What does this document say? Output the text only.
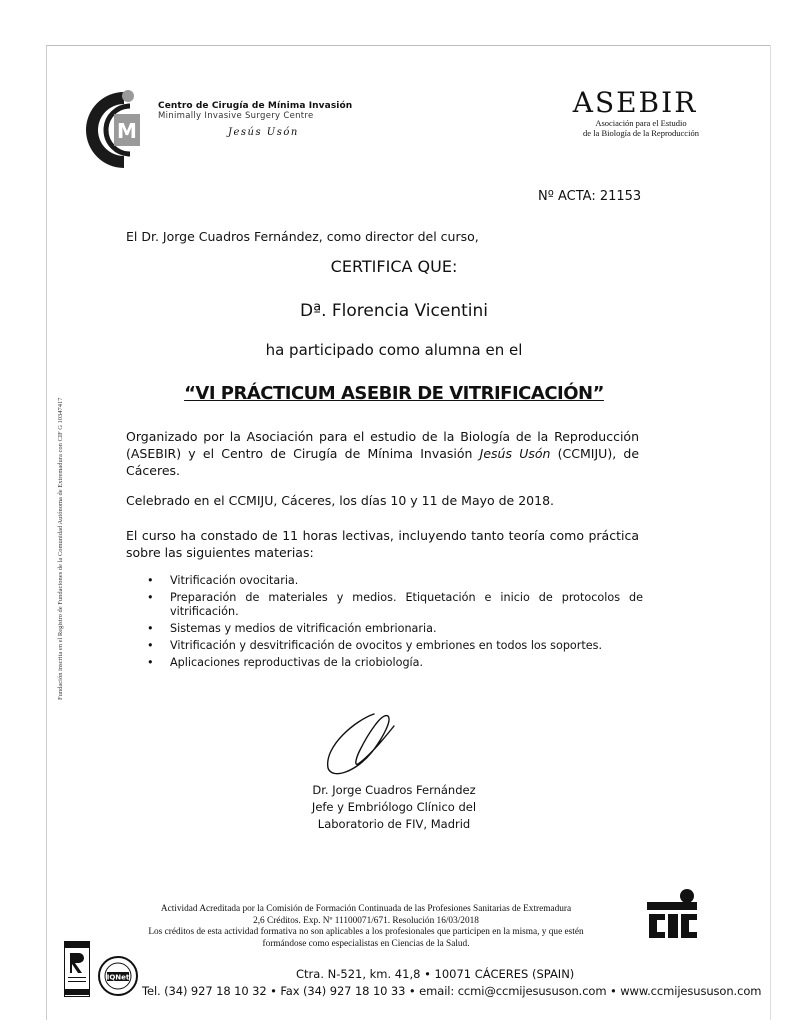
M
Centro de Cirugía de Mínima Invasión
Minimally Invasive Surgery Centre
Jesús Usón
ASEBIR
Asociación para el Estudio
de la Biología de la Reproducción
Nº ACTA: 21153
El Dr. Jorge Cuadros Fernández, como director del curso,
CERTIFICA QUE:
Dª. Florencia Vicentini
ha participado como alumna en el
“VI PRÁCTICUM ASEBIR DE VITRIFICACIÓN”
Organizado por la Asociación para el estudio de la Biología de la Reproducción (ASEBIR) y el Centro de Cirugía de Mínima Invasión Jesús Usón (CCMIJU), de Cáceres.
Celebrado en el CCMIJU, Cáceres, los días 10 y 11 de Mayo de 2018.
El curso ha constado de 11 horas lectivas, incluyendo tanto teoría como práctica sobre las siguientes materias:
• Vitrificación ovocitaria.
• Preparación de materiales y medios. Etiquetación e inicio de protocolos de vitrificación.
• Sistemas y medios de vitrificación embrionaria.
• Vitrificación y desvitrificación de ovocitos y embriones en todos los soportes.
• Aplicaciones reproductivas de la criobiología.
Dr. Jorge Cuadros Fernández
Jefe y Embriólogo Clínico del
Laboratorio de FIV, Madrid
Actividad Acreditada por la Comisión de Formación Continuada de las Profesiones Sanitarias de Extremadura
2,6 Créditos. Exp. Nº 11100071/671. Resolución 16/03/2018
Los créditos de esta actividad formativa no son aplicables a los profesionales que participen en la misma, y que estén
formándose como especialistas en Ciencias de la Salud.
IQNet	Ctra. N-521, km. 41,8 • 10071 CÁCERES (SPAIN)
Tel. (34) 927 18 10 32 • Fax (34) 927 18 10 33 • email: ccmi@ccmijesususon.com • www.ccmijesususon.com
Fundación inscrita en el Registro de Fundaciones de la Comunidad Autónoma de Extremadura con CIF G 10347417
